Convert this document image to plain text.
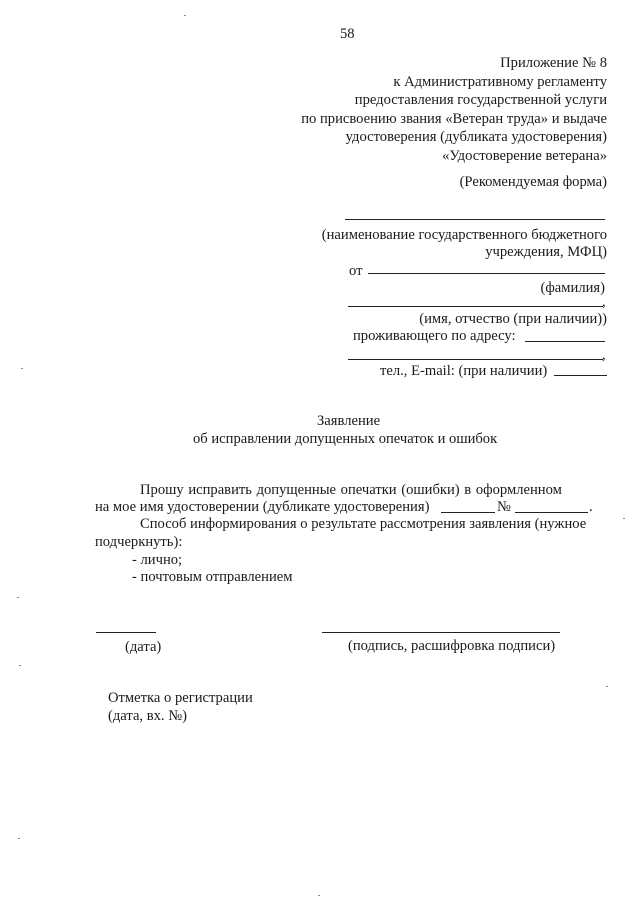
58
Приложение № 8
к Административному регламенту
предоставления государственной услуги
по присвоению звания «Ветеран труда» и выдаче
удостоверения (дубликата удостоверения)
«Удостоверение ветерана»
(Рекомендуемая форма)
(наименование государственного бюджетного
учреждения, МФЦ)
от
(фамилия)
,
(имя, отчество (при наличии))
проживающего по адресу:
,
тел., E-mail: (при наличии)
Заявление
об исправлении допущенных опечаток и ошибок
Прошу исправить допущенные опечатки (ошибки) в оформленном
на мое имя удостоверении (дубликате удостоверения)	№	.
Способ информирования о результате рассмотрения заявления (нужное
подчеркнуть):
- лично;
- почтовым отправлением
(дата)	(подпись, расшифровка подписи)
Отметка о регистрации
(дата, вх. №)
